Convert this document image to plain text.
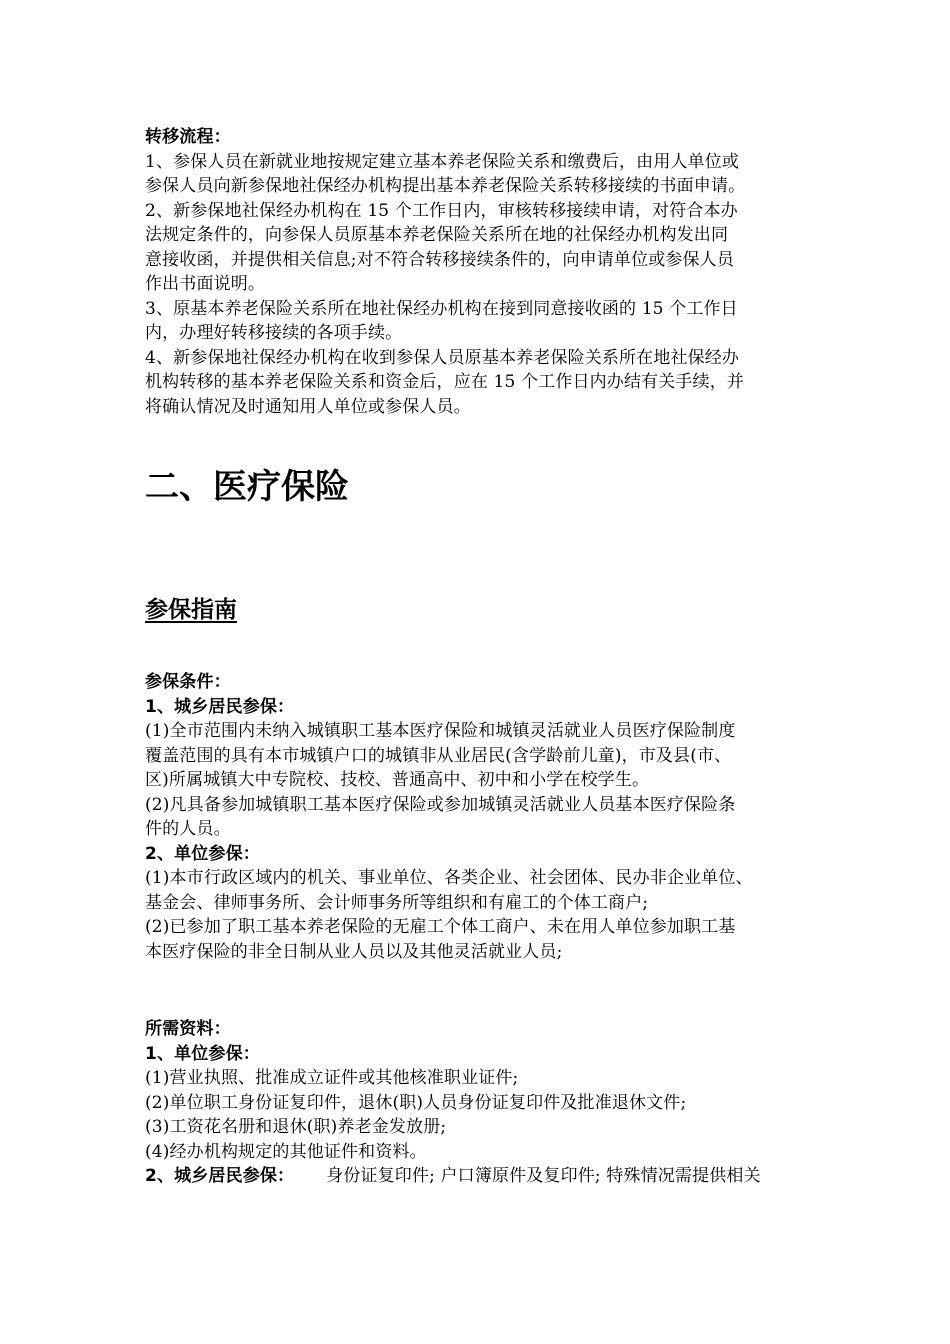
转移流程：
1、参保人员在新就业地按规定建立基本养老保险关系和缴费后，由用人单位或
参保人员向新参保地社保经办机构提出基本养老保险关系转移接续的书面申请。
2、新参保地社保经办机构在 15 个工作日内，审核转移接续申请，对符合本办
法规定条件的，向参保人员原基本养老保险关系所在地的社保经办机构发出同
意接收函，并提供相关信息;对不符合转移接续条件的，向申请单位或参保人员
作出书面说明。
3、原基本养老保险关系所在地社保经办机构在接到同意接收函的 15 个工作日
内，办理好转移接续的各项手续。
4、新参保地社保经办机构在收到参保人员原基本养老保险关系所在地社保经办
机构转移的基本养老保险关系和资金后，应在 15 个工作日内办结有关手续，并
将确认情况及时通知用人单位或参保人员。
二、医疗保险
参保指南
参保条件：
1、城乡居民参保：
(1)全市范围内未纳入城镇职工基本医疗保险和城镇灵活就业人员医疗保险制度
覆盖范围的具有本市城镇户口的城镇非从业居民(含学龄前儿童)，市及县(市、
区)所属城镇大中专院校、技校、普通高中、初中和小学在校学生。
(2)凡具备参加城镇职工基本医疗保险或参加城镇灵活就业人员基本医疗保险条
件的人员。
2、单位参保：
(1)本市行政区域内的机关、事业单位、各类企业、社会团体、民办非企业单位、
基金会、律师事务所、会计师事务所等组织和有雇工的个体工商户;
(2)已参加了职工基本养老保险的无雇工个体工商户、未在用人单位参加职工基
本医疗保险的非全日制从业人员以及其他灵活就业人员;
所需资料：
1、单位参保：
(1)营业执照、批准成立证件或其他核准职业证件;
(2)单位职工身份证复印件，退休(职)人员身份证复印件及批准退休文件;
(3)工资花名册和退休(职)养老金发放册;
(4)经办机构规定的其他证件和资料。
2、城乡居民参保： 身份证复印件; 户口簿原件及复印件; 特殊情况需提供相关
